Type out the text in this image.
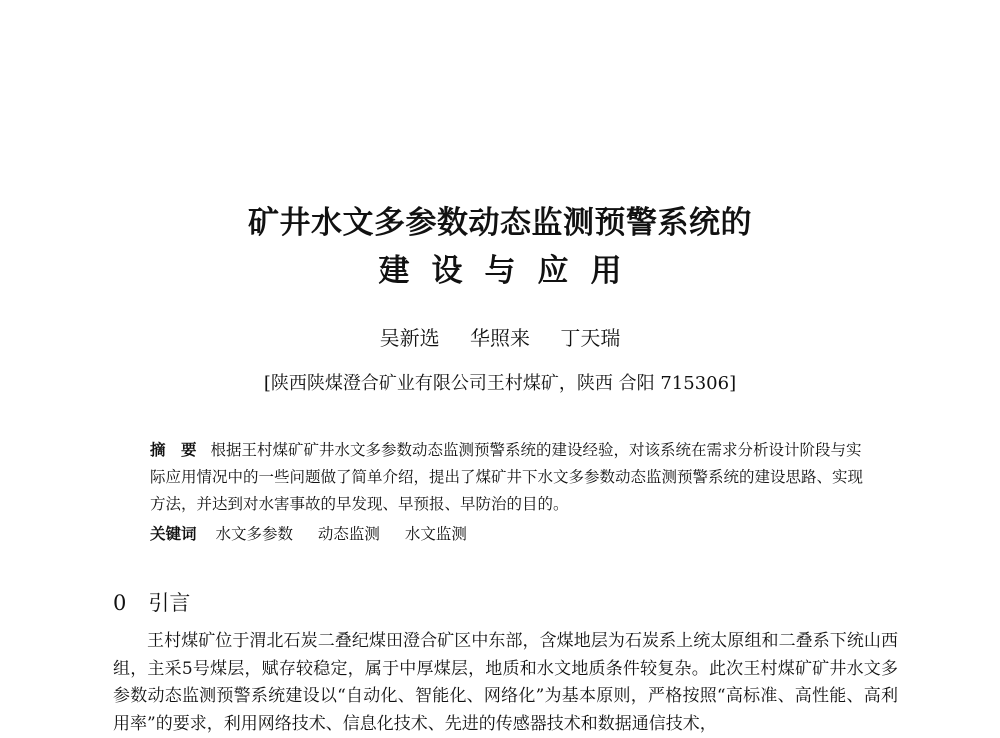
矿井水文多参数动态监测预警系统的
建设与应用
吴新选 华照来 丁天瑞
[陕西陕煤澄合矿业有限公司王村煤矿，陕西 合阳 715306]
摘　要 根据王村煤矿矿井水文多参数动态监测预警系统的建设经验，对该系统在需求分析设计阶段与实际应用情况中的一些问题做了简单介绍，提出了煤矿井下水文多参数动态监测预警系统的建设思路、实现方法，并达到对水害事故的早发现、早预报、早防治的目的。
关键词 水文多参数 动态监测 水文监测
0 引言
王村煤矿位于渭北石炭二叠纪煤田澄合矿区中东部，含煤地层为石炭系上统太原组和二叠系下统山西组，主采5号煤层，赋存较稳定，属于中厚煤层，地质和水文地质条件较复杂。此次王村煤矿矿井水文多参数动态监测预警系统建设以“自动化、智能化、网络化”为基本原则，严格按照“高标准、高性能、高利用率”的要求，利用网络技术、信息化技术、先进的传感器技术和数据通信技术，
